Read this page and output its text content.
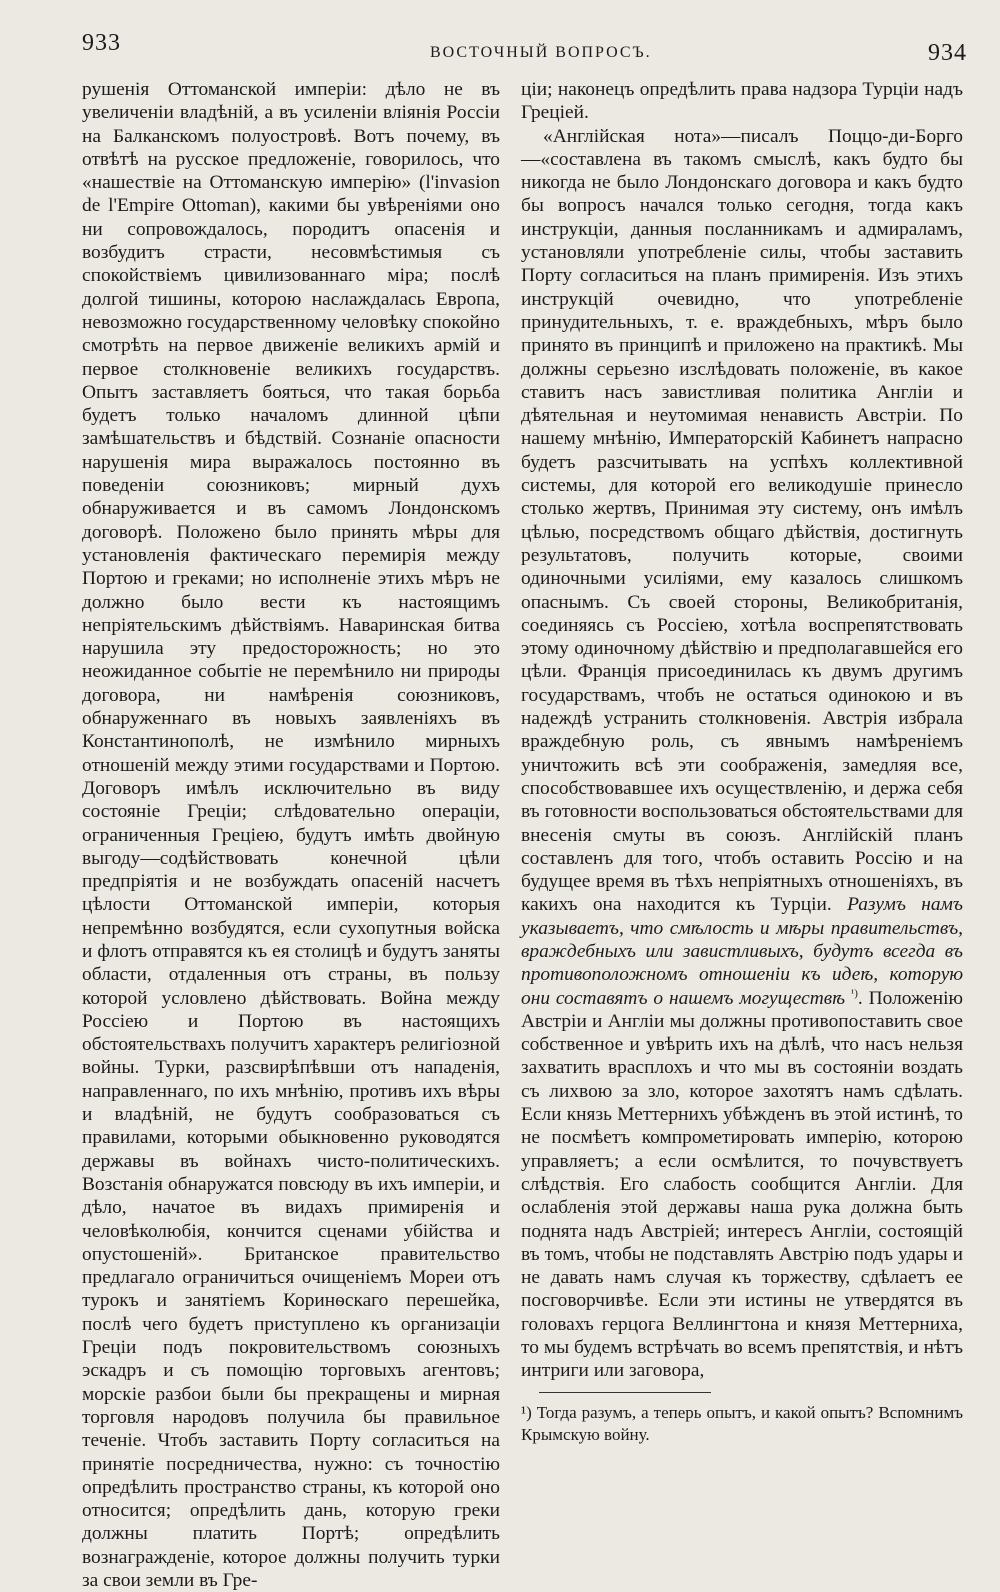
933	ВОСТОЧНЫЙ ВОПРОСЪ.	934

рушенія Оттоманской имперіи: дѣло не въ увеличеніи владѣній, а въ усиленіи вліянія Россіи на Балканскомъ полуостровѣ. Вотъ почему, въ отвѣтѣ на русское предложеніе, говорилось, что «нашествіе на Оттоманскую имперію» (l'invasion de l'Empire Ottoman), какими бы увѣреніями оно ни сопровождалось, породитъ опасенія и возбудитъ страсти, несовмѣстимыя съ спокойствіемъ цивилизованнаго міра; послѣ долгой тишины, которою наслаждалась Европа, невозможно государственному человѣку спокойно смотрѣть на первое движеніе великихъ армій и первое столкновеніе великихъ государствъ. Опытъ заставляетъ бояться, что такая борьба будетъ только началомъ длинной цѣпи замѣшательствъ и бѣдствій. Сознаніе опасности нарушенія мира выражалось постоянно въ поведеніи союзниковъ; мирный духъ обнаруживается и въ самомъ Лондонскомъ договорѣ. Положено было принять мѣры для установленія фактическаго перемирія между Портою и греками; но исполненіе этихъ мѣръ не должно было вести къ настоящимъ непріятельскимъ дѣйствіямъ. Наваринская битва нарушила эту предосторожность; но это неожиданное событіе не перемѣнило ни природы договора, ни намѣренія союзниковъ, обнаруженнаго въ новыхъ заявленіяхъ въ Константинополѣ, не измѣнило мирныхъ отношеній между этими государствами и Портою. Договоръ имѣлъ исключительно въ виду состояніе Греціи; слѣдовательно операціи, ограниченныя Греціею, будутъ имѣть двойную выгоду—содѣйствовать конечной цѣли предпріятія и не возбуждать опасеній насчетъ цѣлости Оттоманской имперіи, которыя непремѣнно возбудятся, если сухопутныя войска и флотъ отправятся къ ея столицѣ и будутъ заняты области, отдаленныя отъ страны, въ пользу которой условлено дѣйствовать. Война между Россіею и Портою въ настоящихъ обстоятельствахъ получитъ характеръ религіозной войны. Турки, разсвирѣпѣвши отъ нападенія, направленнаго, по ихъ мнѣнію, противъ ихъ вѣры и владѣній, не будутъ сообразоваться съ правилами, которыми обыкновенно руководятся державы въ войнахъ чисто-политическихъ. Возстанія обнаружатся повсюду въ ихъ имперіи, и дѣло, начатое въ видахъ примиренія и человѣколюбія, кончится сценами убійства и опустошеній». Британское правительство предлагало ограничиться очищеніемъ Мореи отъ турокъ и занятіемъ Коринѳскаго перешейка, послѣ чего будетъ приступлено къ организаціи Греціи подъ покровительствомъ союзныхъ эскадръ и съ помощію торговыхъ агентовъ; морскіе разбои были бы прекращены и мирная торговля народовъ получила бы правильное теченіе. Чтобъ заставить Порту согласиться на принятіе посредничества, нужно: съ точностію опредѣлить пространство страны, къ которой оно относится; опредѣлить дань, которую греки должны платить Портѣ; опредѣлить вознагражденіе, которое должны получить турки за свои земли въ Гре-

ціи; наконецъ опредѣлить права надзора Турціи надъ Греціей.

«Англійская нота»—писалъ Поццо-ди-Борго—«составлена въ такомъ смыслѣ, какъ будто бы никогда не было Лондонскаго договора и какъ будто бы вопросъ начался только сегодня, тогда какъ инструкціи, данныя посланникамъ и адмираламъ, установляли употребленіе силы, чтобы заставить Порту согласиться на планъ примиренія. Изъ этихъ инструкцій очевидно, что употребленіе принудительныхъ, т. е. враждебныхъ, мѣръ было принято въ принципѣ и приложено на практикѣ. Мы должны серьезно изслѣдовать положеніе, въ какое ставитъ насъ завистливая политика Англіи и дѣятельная и неутомимая ненависть Австріи. По нашему мнѣнію, Императорскій Кабинетъ напрасно будетъ разсчитывать на успѣхъ коллективной системы, для которой его великодушіе принесло столько жертвъ, Принимая эту систему, онъ имѣлъ цѣлью, посредствомъ общаго дѣйствія, достигнуть результатовъ, получить которые, своими одиночными усиліями, ему казалось слишкомъ опаснымъ. Съ своей стороны, Великобританія, соединяясь съ Россіею, хотѣла воспрепятствовать этому одиночному дѣйствію и предполагавшейся его цѣли. Франція присоединилась къ двумъ другимъ государствамъ, чтобъ не остаться одинокою и въ надеждѣ устранить столкновенія. Австрія избрала враждебную роль, съ явнымъ намѣреніемъ уничтожить всѣ эти соображенія, замедляя все, способствовавшее ихъ осуществленію, и держа себя въ готовности воспользоваться обстоятельствами для внесенія смуты въ союзъ. Англійскій планъ составленъ для того, чтобъ оставить Россію и на будущее время въ тѣхъ непріятныхъ отношеніяхъ, въ какихъ она находится къ Турціи. Разумъ намъ указываетъ, что смѣлость и мѣры правительствъ, враждебныхъ или завистливыхъ, будутъ всегда въ противоположномъ отношеніи къ идеѣ, которую они составятъ о нашемъ могуществѣ $^{^1)}$. Положенію Австріи и Англіи мы должны противопоставить свое собственное и увѣрить ихъ на дѣлѣ, что насъ нельзя захватить врасплохъ и что мы въ состояніи воздать съ лихвою за зло, которое захотятъ намъ сдѣлать. Если князь Меттернихъ убѣжденъ въ этой истинѣ, то не посмѣетъ компрометировать имперію, которою управляетъ; а если осмѣлится, то почувствуетъ слѣдствія. Его слабость сообщится Англіи. Для ослабленія этой державы наша рука должна быть поднята надъ Австріей; интересъ Англіи, состоящій въ томъ, чтобы не подставлять Австрію подъ удары и не давать намъ случая къ торжеству, сдѣлаетъ ее посговорчивѣе. Если эти истины не утвердятся въ головахъ герцога Веллингтона и князя Меттерниха, то мы будемъ встрѣчать во всемъ препятствія, и нѣтъ интриги или заговора,

¹) Тогда разумъ, а теперь опытъ, и какой опытъ? Вспомнимъ Крымскую войну.
